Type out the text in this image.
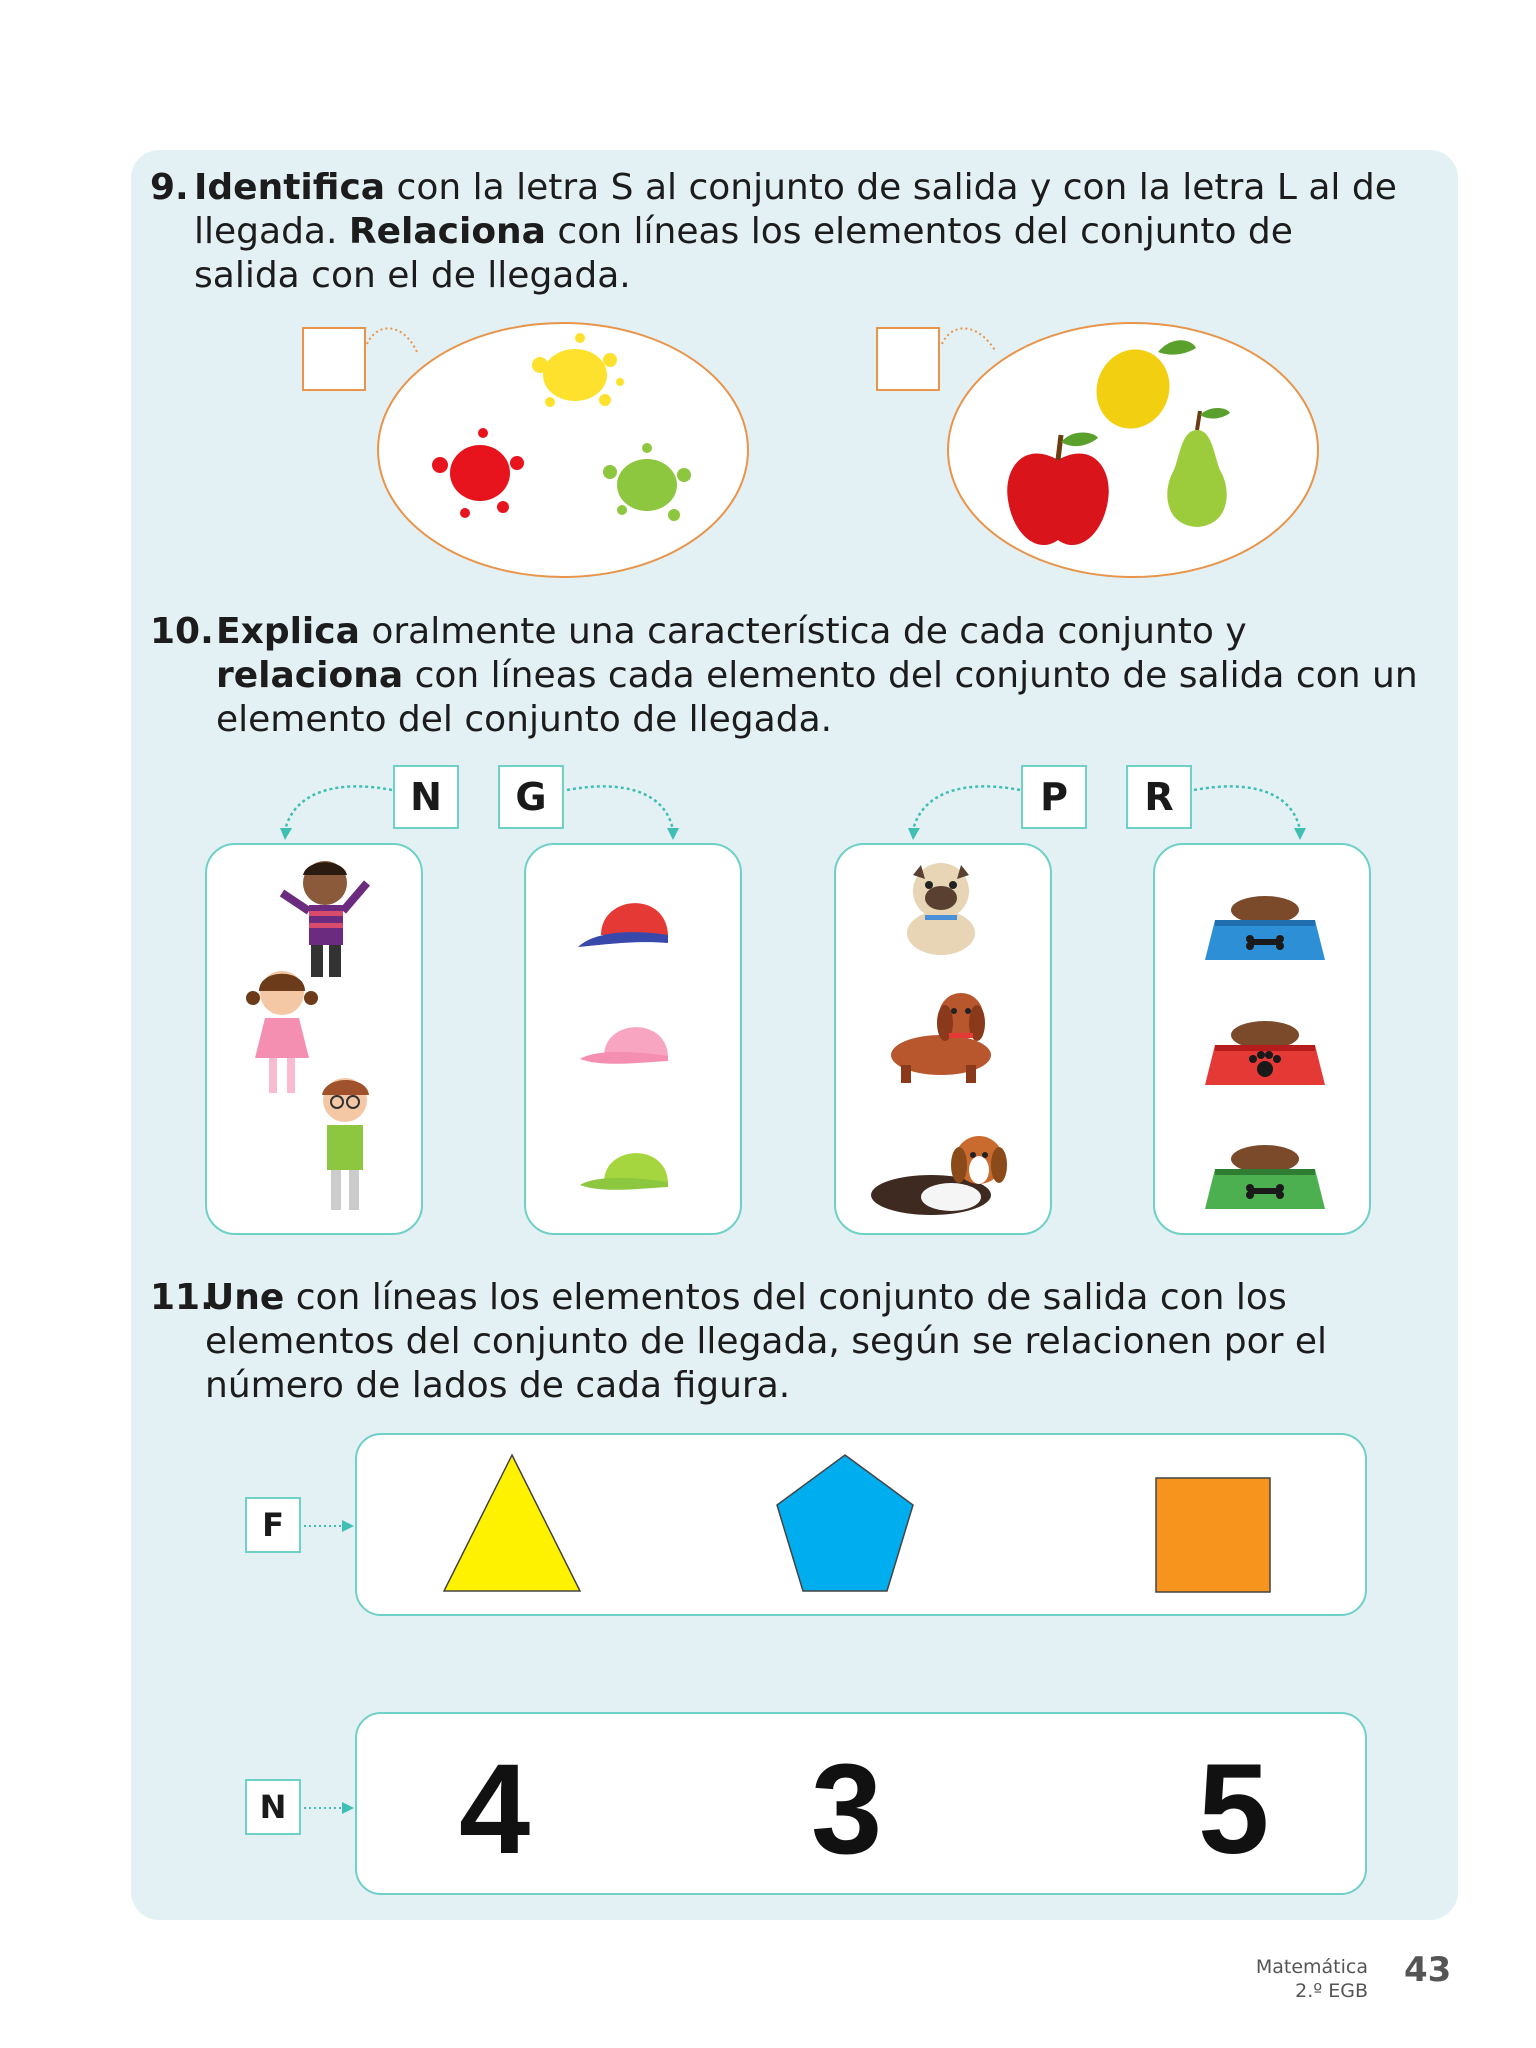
9. Identifica con la letra S al conjunto de salida y con la letra L al de llegada. Relaciona con líneas los elementos del conjunto de salida con el de llegada.
10. Explica oralmente una característica de cada conjunto y relaciona con líneas cada elemento del conjunto de salida con un elemento del conjunto de llegada.
N	G	P	R
11.
Une con líneas los elementos del conjunto de salida con los elementos del conjunto de llegada, según se relacionen por el número de lados de cada figura.
F
N 4 3 5
Matemática
2.º EGB
43
